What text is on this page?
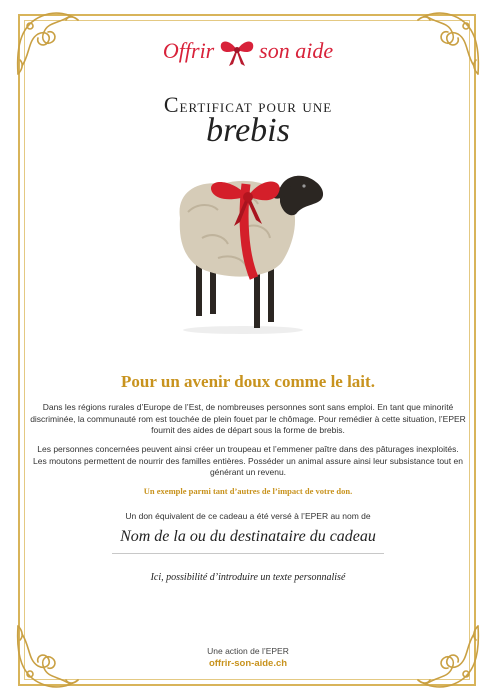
Offrir son aide
Certificat pour une
brebis
Pour un avenir doux comme le lait.

Dans les régions rurales d’Europe de l’Est, de nombreuses personnes sont sans emploi. En tant que minorité discriminée, la communauté rom est touchée de plein fouet par le chômage. Pour remédier à cette situation, l’EPER fournit des aides de départ sous la forme de brebis.

Les personnes concernées peuvent ainsi créer un troupeau et l’emmener paître dans des pâturages inexploités. Les moutons permettent de nourrir des familles entières. Posséder un animal assure ainsi leur subsistance tout en générant un revenu.

Un exemple parmi tant d’autres de l’impact de votre don.
Un don équivalent de ce cadeau a été versé à l’EPER au nom de
Nom de la ou du destinataire du cadeau
Ici, possibilité d’introduire un texte personnalisé
Une action de l’EPER
offrir-son-aide.ch
